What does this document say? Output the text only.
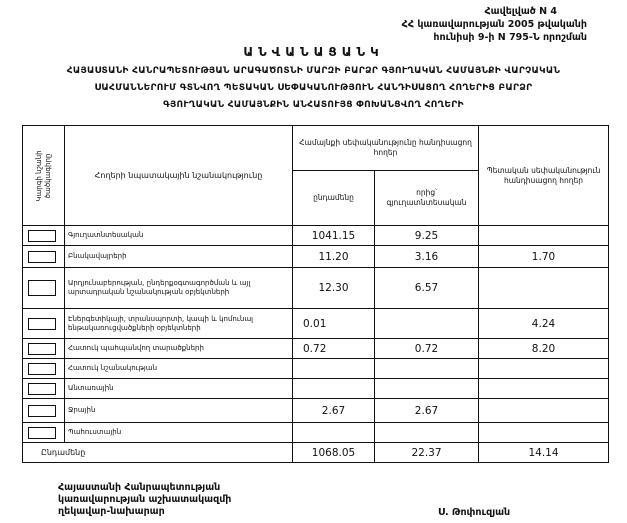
Հավելված N 4
ՀՀ կառավարության 2005 թվականի
հունիսի 9-ի N 795-Ն որոշման
ԱՆՎԱՆԱՑԱՆԿ
ՀԱՅԱՍՏԱՆԻ ՀԱՆՐԱՊԵՏՈՒԹՅԱՆ ԱՐԱԳԱԾՈՏՆԻ ՄԱՐԶԻ ԲԱՐՁՐ ԳՅՈՒՂԱԿԱՆ ՀԱՄԱՅՆՔԻ ՎԱՐՉԱԿԱՆ
ՍԱՀՄԱՆՆԵՐՈՒՄ ԳՏՆՎՈՂ ՊԵՏԱԿԱՆ ՍԵՓԱԿԱՆՈՒԹՅՈՒՆ ՀԱՆԴԻՍԱՑՈՂ ՀՈՂԵՐԻՑ ԲԱՐՁՐ
ԳՅՈՒՂԱԿԱՆ ՀԱՄԱՅՆՔԻՆ ԱՆՀԱՏՈՒՅՑ ՓՈԽԱՆՑՎՈՂ ՀՈՂԵՐԻ
Կարգի նշանի ծածկագիրը	Հողերի նպատակային նշանակությունը	Համայնքի սեփականությունը հանդիսացող հողեր		Պետական սեփականություն հանդիսացող հողեր
		ընդամենը	որից՝ գյուղատնտեսական	

	Գյուղատնտեսական	1041.15	9.25	

	Բնակավայրերի	11.20	3.16	1.70

	Արդյունաբերության, ընդերքօգտագործման և այլ արտադրական նշանակության օբյեկտների	12.30	6.57	

	Էներգետիկայի, տրանսպորտի, կապի և կոմունալ ենթակառուցվածքների օբյեկտների	0.01		4.24

	Հատուկ պահպանվող տարածքների	0.72	0.72	8.20

	Հատուկ նշանակության			

	Անտառային			

	Ջրային	2.67	2.67	

	Պահուստային			
Ընդամենը		1068.05	22.37	14.14
Հայաստանի Հանրապետության
կառավարության աշխատակազմի
ղեկավար-նախարար	Ս. Թոփուզյան
